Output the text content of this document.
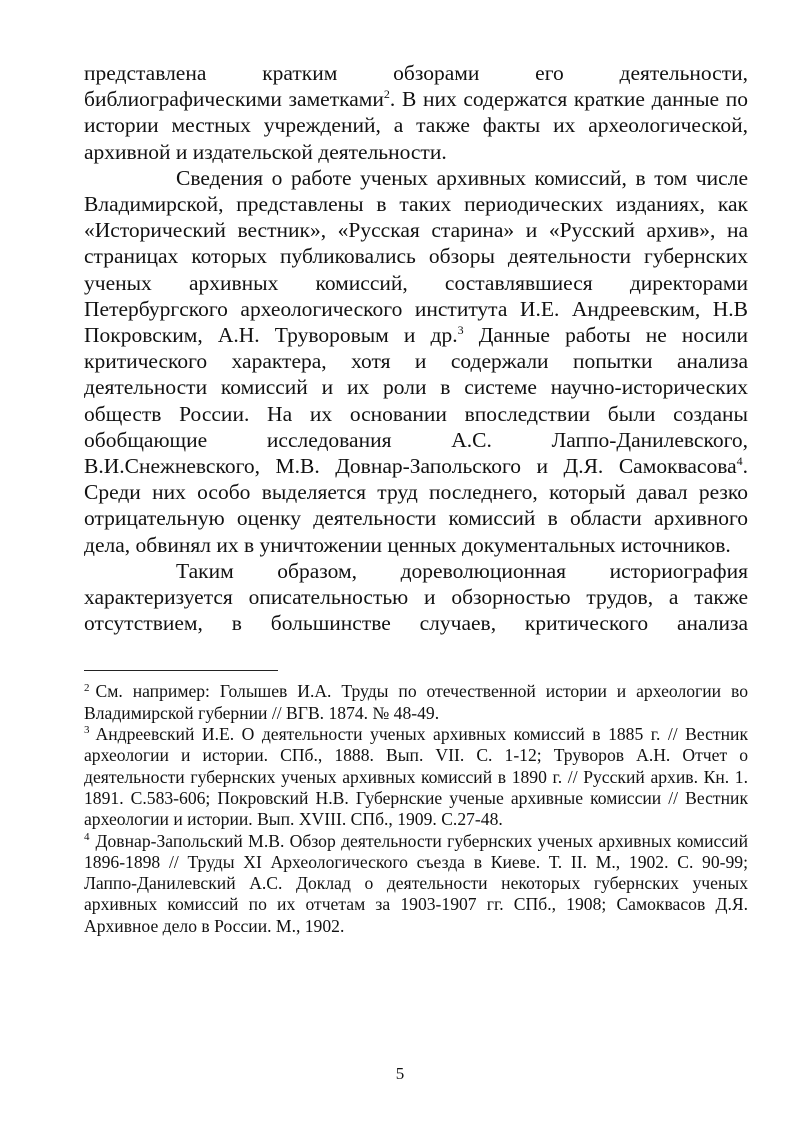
представлена кратким обзорами его деятельности, библиографическими заметками$^2$. В них содержатся краткие данные по истории местных учреждений, а также факты их археологической, архивной и издательской деятельности.

Сведения о работе ученых архивных комиссий, в том числе Владимирской, представлены в таких периодических изданиях, как «Исторический вестник», «Русская старина» и «Русский архив», на страницах которых публиковались обзоры деятельности губернских ученых архивных комиссий, составлявшиеся директорами Петербургского археологического института И.Е. Андреевским, Н.В Покровским, А.Н. Труворовым и др.$^3$ Данные работы не носили критического характера, хотя и содержали попытки анализа деятельности комиссий и их роли в системе научно-исторических обществ России. На их основании впоследствии были созданы обобщающие исследования А.С. Лаппо-Данилевского, В.И.Снежневского, М.В. Довнар-Запольского и Д.Я. Самоквасова$^4$. Среди них особо выделяется труд последнего, который давал резко отрицательную оценку деятельности комиссий в области архивного дела, обвинял их в уничтожении ценных документальных источников.

Таким образом, дореволюционная историография характеризуется описательностью и обзорностью трудов, а также отсутствием, в большинстве случаев, критического анализа

$^2$ См. например: Голышев И.А. Труды по отечественной истории и археологии во Владимирской губернии // ВГВ. 1874. № 48-49.

$^3$ Андреевский И.Е. О деятельности ученых архивных комиссий в 1885 г. // Вестник археологии и истории. СПб., 1888. Вып. VII. С. 1-12; Труворов А.Н. Отчет о деятельности губернских ученых архивных комиссий в 1890 г. // Русский архив. Кн. 1. 1891. С.583-606; Покровский Н.В. Губернские ученые архивные комиссии // Вестник археологии и истории. Вып. XVIII. СПб., 1909. С.27-48.

$^4$ Довнар-Запольский М.В. Обзор деятельности губернских ученых архивных комиссий 1896-1898 // Труды XI Археологического съезда в Киеве. Т. II. М., 1902. С. 90-99; Лаппо-Данилевский А.С. Доклад о деятельности некоторых губернских ученых архивных комиссий по их отчетам за 1903-1907 гг. СПб., 1908; Самоквасов Д.Я. Архивное дело в России. М., 1902.

5
